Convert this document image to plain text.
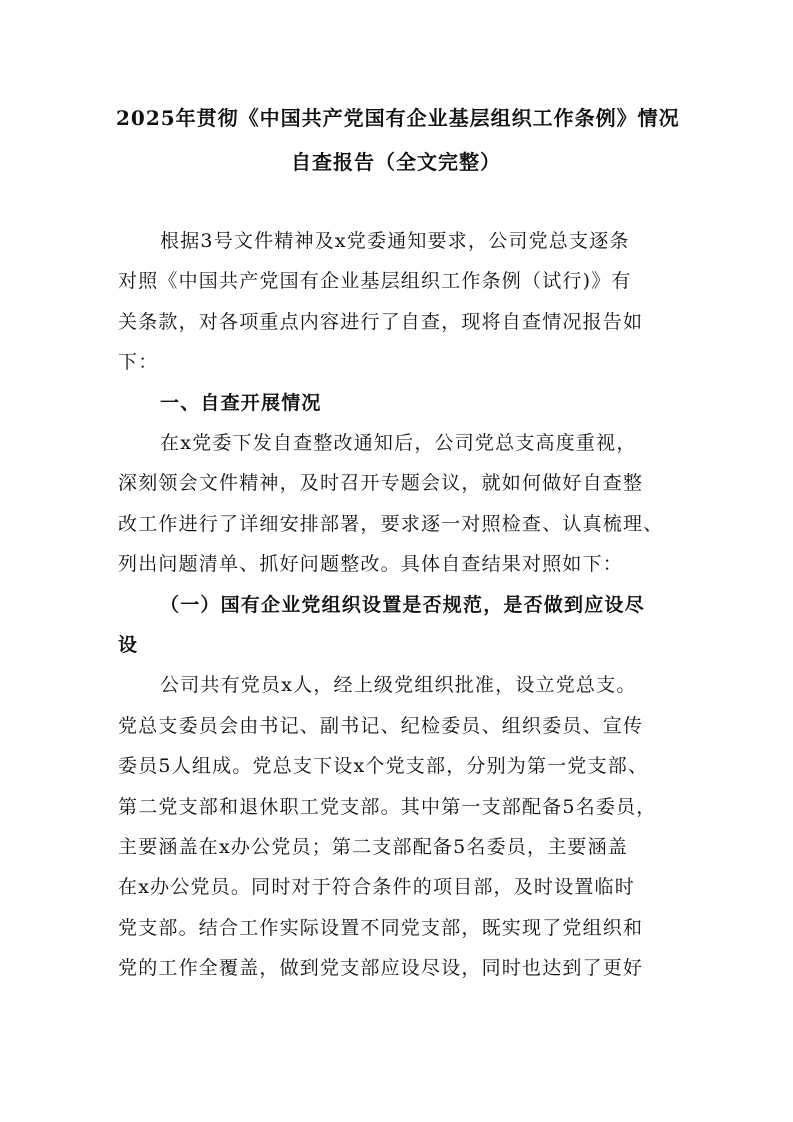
2025年贯彻《中国共产党国有企业基层组织工作条例》情况
自查报告（全文完整）
根据3号文件精神及x党委通知要求，公司党总支逐条
对照《中国共产党国有企业基层组织工作条例（试行)》有
关条款，对各项重点内容进行了自查，现将自查情况报告如
下：
一、自查开展情况
在x党委下发自查整改通知后，公司党总支高度重视，
深刻领会文件精神，及时召开专题会议，就如何做好自查整
改工作进行了详细安排部署，要求逐一对照检查、认真梳理、
列出问题清单、抓好问题整改。具体自查结果对照如下：
（一）国有企业党组织设置是否规范，是否做到应设尽
设
公司共有党员x人，经上级党组织批准，设立党总支。
党总支委员会由书记、副书记、纪检委员、组织委员、宣传
委员5人组成。党总支下设x个党支部，分别为第一党支部、
第二党支部和退休职工党支部。其中第一支部配备5名委员，
主要涵盖在x办公党员；第二支部配备5名委员，主要涵盖
在x办公党员。同时对于符合条件的项目部，及时设置临时
党支部。结合工作实际设置不同党支部，既实现了党组织和
党的工作全覆盖，做到党支部应设尽设，同时也达到了更好
